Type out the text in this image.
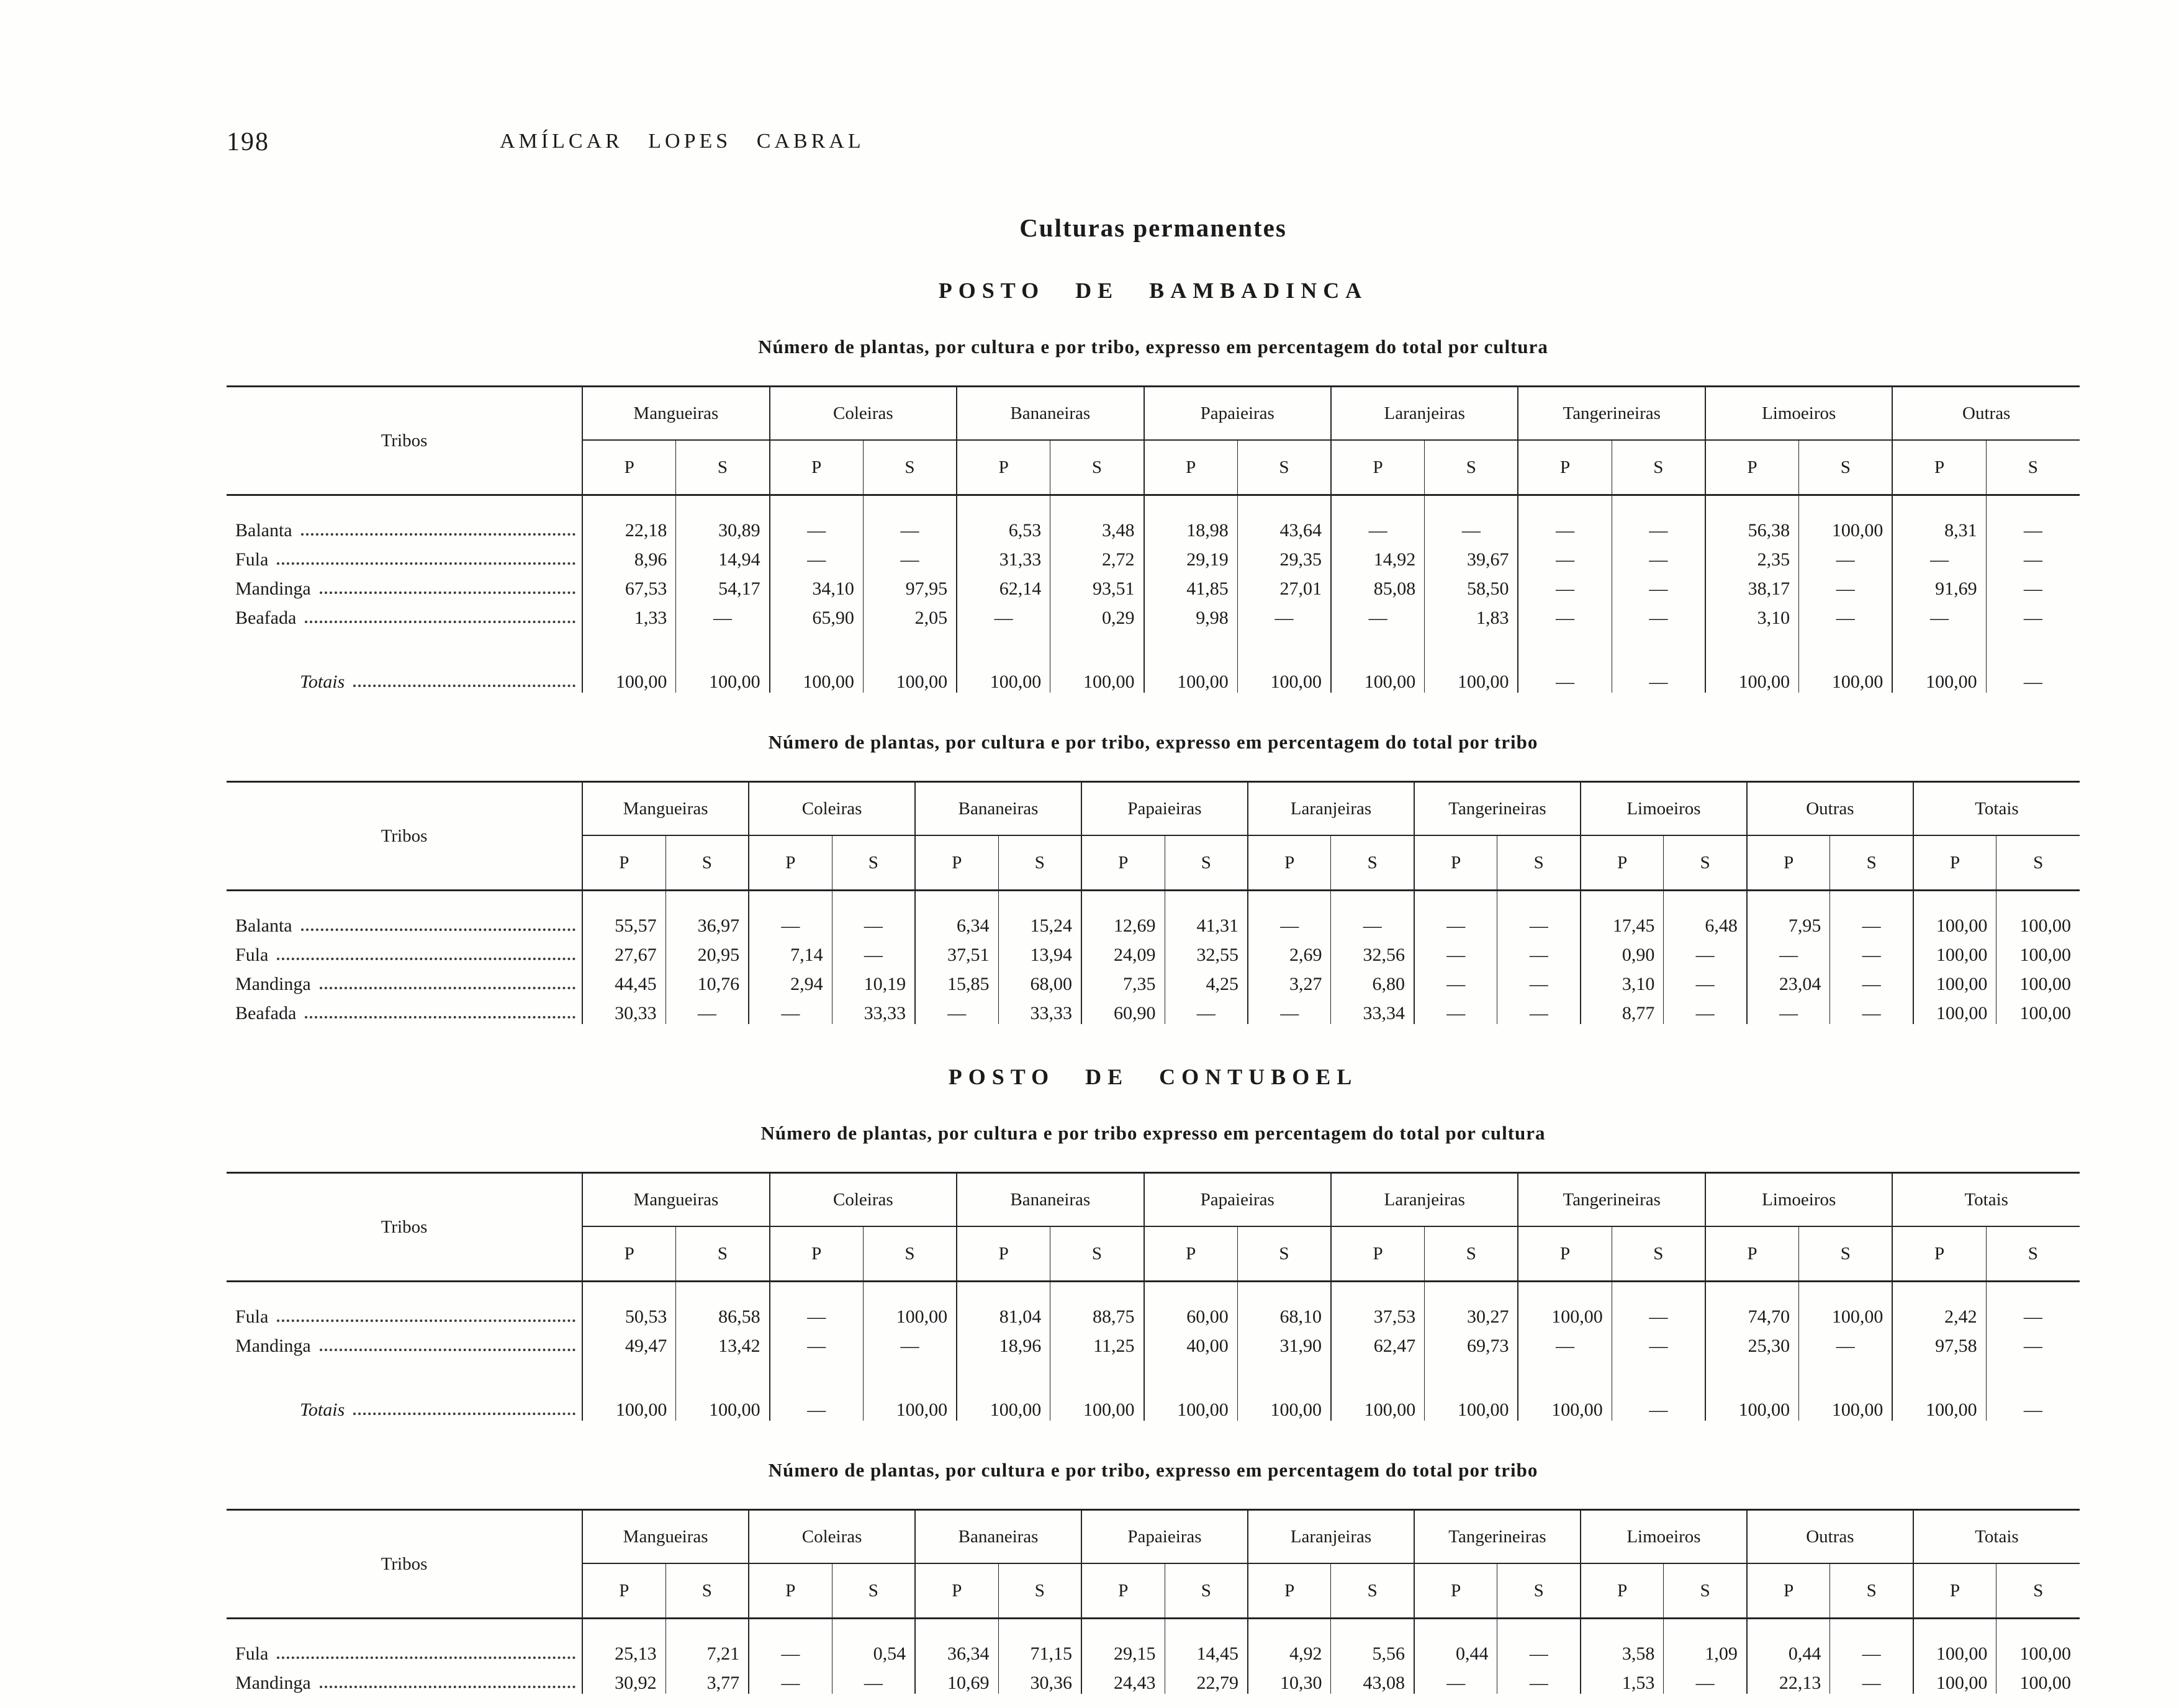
198	AMÍLCAR LOPES CABRAL
Culturas permanentes
POSTO DE BAMBADINCA

Número de plantas, por cultura e por tribo, expresso em percentagem do total por cultura

Tribos	Mangueiras		Coleiras		Bananeiras		Papaieiras		Laranjeiras		Tangerineiras		Limoeiros		Outras	
	P	S	P	S	P	S	P	S	P	S	P	S	P	S	P	S

Balanta	22,18	30,89	—	—	6,53	3,48	18,98	43,64	—	—	—	—	56,38	100,00	8,31	—

Fula	8,96	14,94	—	—	31,33	2,72	29,19	29,35	14,92	39,67	—	—	2,35	—	—	—

Mandinga	67,53	54,17	34,10	97,95	62,14	93,51	41,85	27,01	85,08	58,50	—	—	38,17	—	91,69	—

Beafada	1,33	—	65,90	2,05	—	0,29	9,98	—	—	1,83	—	—	3,10	—	—	—

Totais	100,00	100,00	100,00	100,00	100,00	100,00	100,00	100,00	100,00	100,00	—	—	100,00	100,00	100,00	—

Número de plantas, por cultura e por tribo, expresso em percentagem do total por tribo

Tribos	Mangueiras		Coleiras		Bananeiras		Papaieiras		Laranjeiras		Tangerineiras		Limoeiros		Outras		Totais	
	P	S	P	S	P	S	P	S	P	S	P	S	P	S	P	S	P	S

Balanta	55,57	36,97	—	—	6,34	15,24	12,69	41,31	—	—	—	—	17,45	6,48	7,95	—	100,00	100,00

Fula	27,67	20,95	7,14	—	37,51	13,94	24,09	32,55	2,69	32,56	—	—	0,90	—	—	—	100,00	100,00

Mandinga	44,45	10,76	2,94	10,19	15,85	68,00	7,35	4,25	3,27	6,80	—	—	3,10	—	23,04	—	100,00	100,00

Beafada	30,33	—	—	33,33	—	33,33	60,90	—	—	33,34	—	—	8,77	—	—	—	100,00	100,00
POSTO DE CONTUBOEL

Número de plantas, por cultura e por tribo expresso em percentagem do total por cultura

Tribos	Mangueiras		Coleiras		Bananeiras		Papaieiras		Laranjeiras		Tangerineiras		Limoeiros		Totais	
	P	S	P	S	P	S	P	S	P	S	P	S	P	S	P	S

Fula	50,53	86,58	—	100,00	81,04	88,75	60,00	68,10	37,53	30,27	100,00	—	74,70	100,00	2,42	—

Mandinga	49,47	13,42	—	—	18,96	11,25	40,00	31,90	62,47	69,73	—	—	25,30	—	97,58	—

Totais	100,00	100,00	—	100,00	100,00	100,00	100,00	100,00	100,00	100,00	100,00	—	100,00	100,00	100,00	—

Número de plantas, por cultura e por tribo, expresso em percentagem do total por tribo

Tribos	Mangueiras		Coleiras		Bananeiras		Papaieiras		Laranjeiras		Tangerineiras		Limoeiros		Outras		Totais	
	P	S	P	S	P	S	P	S	P	S	P	S	P	S	P	S	P	S

Fula	25,13	7,21	—	0,54	36,34	71,15	29,15	14,45	4,92	5,56	0,44	—	3,58	1,09	0,44	—	100,00	100,00

Mandinga	30,92	3,77	—	—	10,69	30,36	24,43	22,79	10,30	43,08	—	—	1,53	—	22,13	—	100,00	100,00
